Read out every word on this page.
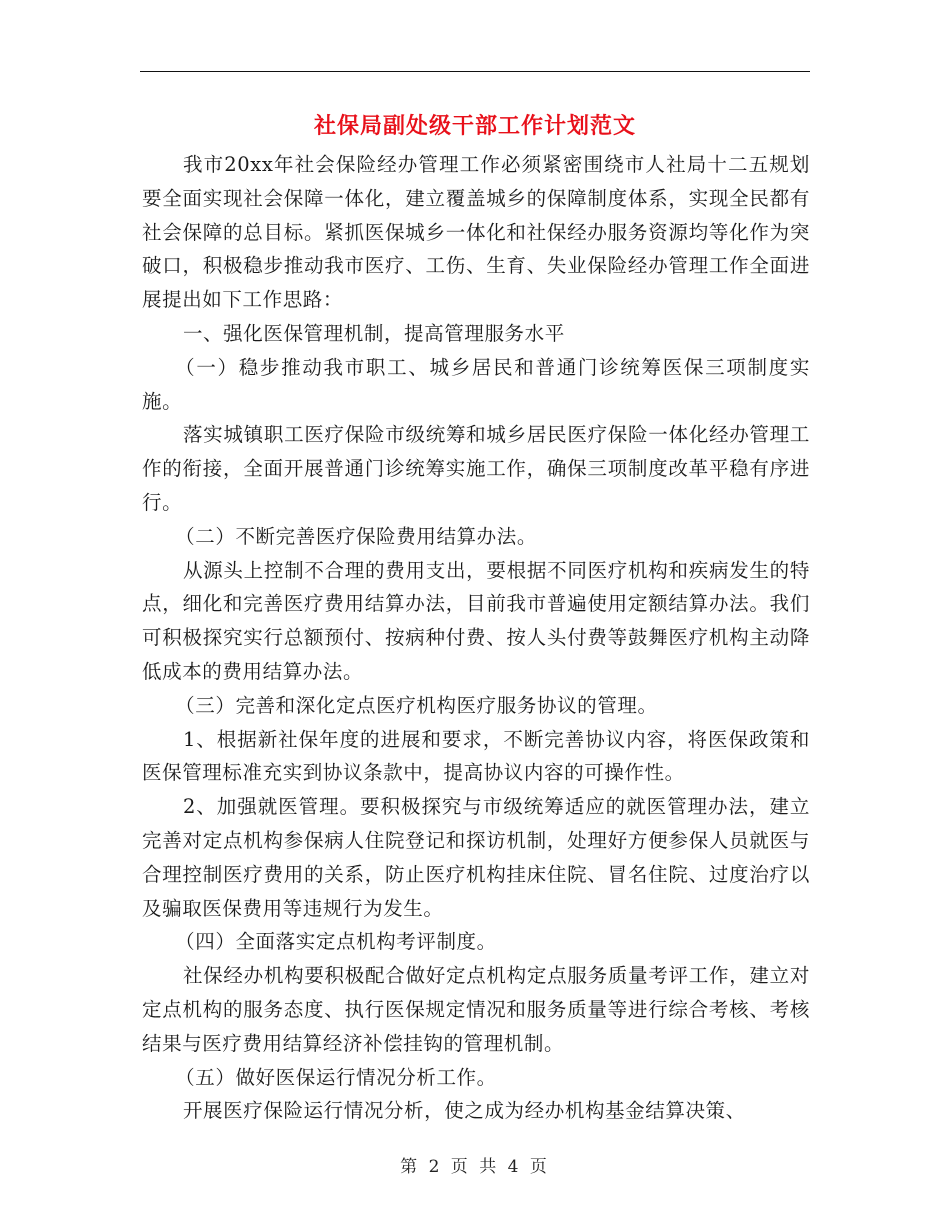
社保局副处级干部工作计划范文

我市20xx年社会保险经办管理工作必须紧密围绕市人社局十二五规划要全面实现社会保障一体化，建立覆盖城乡的保障制度体系，实现全民都有社会保障的总目标。紧抓医保城乡一体化和社保经办服务资源均等化作为突破口，积极稳步推动我市医疗、工伤、生育、失业保险经办管理工作全面进展提出如下工作思路：

一、强化医保管理机制，提高管理服务水平

（一）稳步推动我市职工、城乡居民和普通门诊统筹医保三项制度实施。

落实城镇职工医疗保险市级统筹和城乡居民医疗保险一体化经办管理工作的衔接，全面开展普通门诊统筹实施工作，确保三项制度改革平稳有序进行。

（二）不断完善医疗保险费用结算办法。

从源头上控制不合理的费用支出，要根据不同医疗机构和疾病发生的特点，细化和完善医疗费用结算办法，目前我市普遍使用定额结算办法。我们可积极探究实行总额预付、按病种付费、按人头付费等鼓舞医疗机构主动降低成本的费用结算办法。

（三）完善和深化定点医疗机构医疗服务协议的管理。

1、根据新社保年度的进展和要求，不断完善协议内容，将医保政策和医保管理标准充实到协议条款中，提高协议内容的可操作性。

2、加强就医管理。要积极探究与市级统筹适应的就医管理办法，建立完善对定点机构参保病人住院登记和探访机制，处理好方便参保人员就医与合理控制医疗费用的关系，防止医疗机构挂床住院、冒名住院、过度治疗以及骗取医保费用等违规行为发生。

（四）全面落实定点机构考评制度。

社保经办机构要积极配合做好定点机构定点服务质量考评工作，建立对定点机构的服务态度、执行医保规定情况和服务质量等进行综合考核、考核结果与医疗费用结算经济补偿挂钩的管理机制。

（五）做好医保运行情况分析工作。

开展医疗保险运行情况分析，使之成为经办机构基金结算决策、

第 2 页 共 4 页
